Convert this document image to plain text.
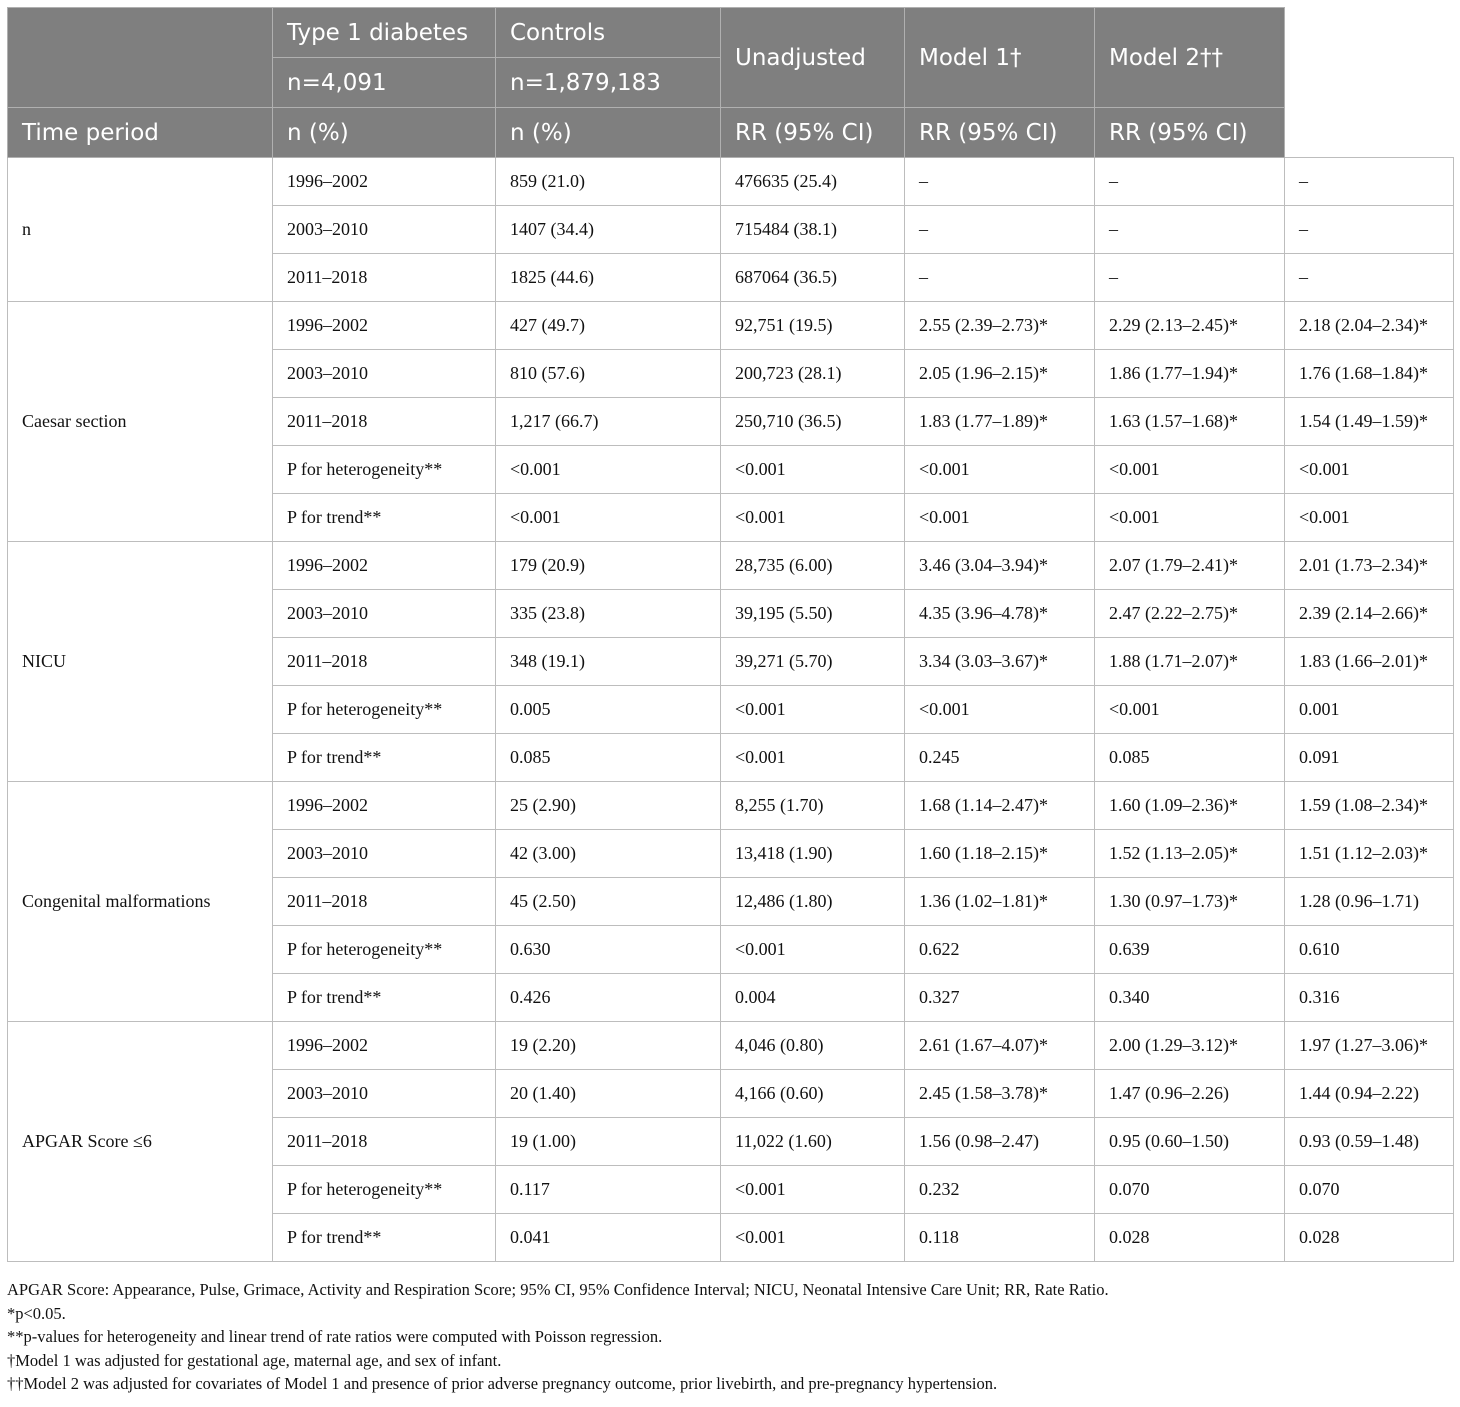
	Type 1 diabetes	Controls	Unadjusted	Model 1†	Model 2††	
	n=4,091	n=1,879,183				
Time period	n (%)	n (%)	RR (95% CI)	RR (95% CI)	RR (95% CI)	
n	1996–2002	859 (21.0)	476635 (25.4)	–	–	–
	2003–2010	1407 (34.4)	715484 (38.1)	–	–	–
	2011–2018	1825 (44.6)	687064 (36.5)	–	–	–
Caesar section	1996–2002	427 (49.7)	92,751 (19.5)	2.55 (2.39–2.73)*	2.29 (2.13–2.45)*	2.18 (2.04–2.34)*
	2003–2010	810 (57.6)	200,723 (28.1)	2.05 (1.96–2.15)*	1.86 (1.77–1.94)*	1.76 (1.68–1.84)*
	2011–2018	1,217 (66.7)	250,710 (36.5)	1.83 (1.77–1.89)*	1.63 (1.57–1.68)*	1.54 (1.49–1.59)*
	P for heterogeneity**	<0.001	<0.001	<0.001	<0.001	<0.001
	P for trend**	<0.001	<0.001	<0.001	<0.001	<0.001
NICU	1996–2002	179 (20.9)	28,735 (6.00)	3.46 (3.04–3.94)*	2.07 (1.79–2.41)*	2.01 (1.73–2.34)*
	2003–2010	335 (23.8)	39,195 (5.50)	4.35 (3.96–4.78)*	2.47 (2.22–2.75)*	2.39 (2.14–2.66)*
	2011–2018	348 (19.1)	39,271 (5.70)	3.34 (3.03–3.67)*	1.88 (1.71–2.07)*	1.83 (1.66–2.01)*
	P for heterogeneity**	0.005	<0.001	<0.001	<0.001	0.001
	P for trend**	0.085	<0.001	0.245	0.085	0.091
Congenital malformations	1996–2002	25 (2.90)	8,255 (1.70)	1.68 (1.14–2.47)*	1.60 (1.09–2.36)*	1.59 (1.08–2.34)*
	2003–2010	42 (3.00)	13,418 (1.90)	1.60 (1.18–2.15)*	1.52 (1.13–2.05)*	1.51 (1.12–2.03)*
	2011–2018	45 (2.50)	12,486 (1.80)	1.36 (1.02–1.81)*	1.30 (0.97–1.73)*	1.28 (0.96–1.71)
	P for heterogeneity**	0.630	<0.001	0.622	0.639	0.610
	P for trend**	0.426	0.004	0.327	0.340	0.316
APGAR Score ≤6	1996–2002	19 (2.20)	4,046 (0.80)	2.61 (1.67–4.07)*	2.00 (1.29–3.12)*	1.97 (1.27–3.06)*
	2003–2010	20 (1.40)	4,166 (0.60)	2.45 (1.58–3.78)*	1.47 (0.96–2.26)	1.44 (0.94–2.22)
	2011–2018	19 (1.00)	11,022 (1.60)	1.56 (0.98–2.47)	0.95 (0.60–1.50)	0.93 (0.59–1.48)
	P for heterogeneity**	0.117	<0.001	0.232	0.070	0.070
	P for trend**	0.041	<0.001	0.118	0.028	0.028
APGAR Score: Appearance, Pulse, Grimace, Activity and Respiration Score; 95% CI, 95% Confidence Interval; NICU, Neonatal Intensive Care Unit; RR, Rate Ratio.
*p<0.05.
**p-values for heterogeneity and linear trend of rate ratios were computed with Poisson regression.
†Model 1 was adjusted for gestational age, maternal age, and sex of infant.
††Model 2 was adjusted for covariates of Model 1 and presence of prior adverse pregnancy outcome, prior livebirth, and pre-pregnancy hypertension.
